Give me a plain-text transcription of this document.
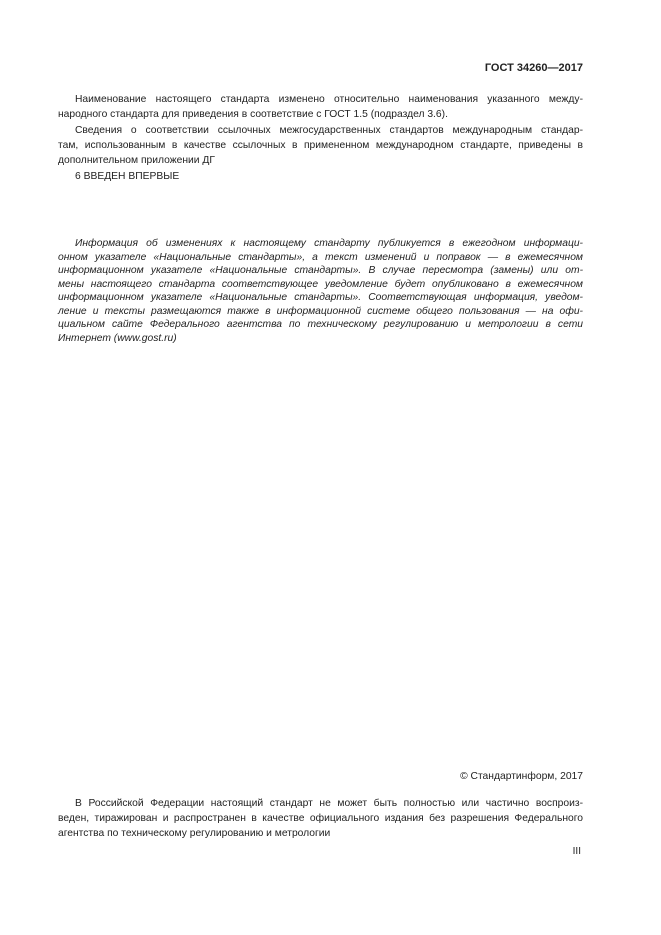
ГОСТ 34260—2017
Наименование настоящего стандарта изменено относительно наименования указанного между-
народного стандарта для приведения в соответствие с ГОСТ 1.5 (подраздел 3.6).
Сведения о соответствии ссылочных межгосударственных стандартов международным стандар-
там, использованным в качестве ссылочных в примененном международном стандарте, приведены в
дополнительном приложении ДГ
6 ВВЕДЕН ВПЕРВЫЕ
Информация об изменениях к настоящему стандарту публикуется в ежегодном информаци-
онном указателе «Национальные стандарты», а текст изменений и поправок — в ежемесячном
информационном указателе «Национальные стандарты». В случае пересмотра (замены) или от-
мены настоящего стандарта соответствующее уведомление будет опубликовано в ежемесячном
информационном указателе «Национальные стандарты». Соответствующая информация, уведом-
ление и тексты размещаются также в информационной системе общего пользования — на офи-
циальном сайте Федерального агентства по техническому регулированию и метрологии в сети
Интернет (www.gost.ru)
© Стандартинформ, 2017
В Российской Федерации настоящий стандарт не может быть полностью или частично воспроиз-
веден, тиражирован и распространен в качестве официального издания без разрешения Федерального
агентства по техническому регулированию и метрологии
III
